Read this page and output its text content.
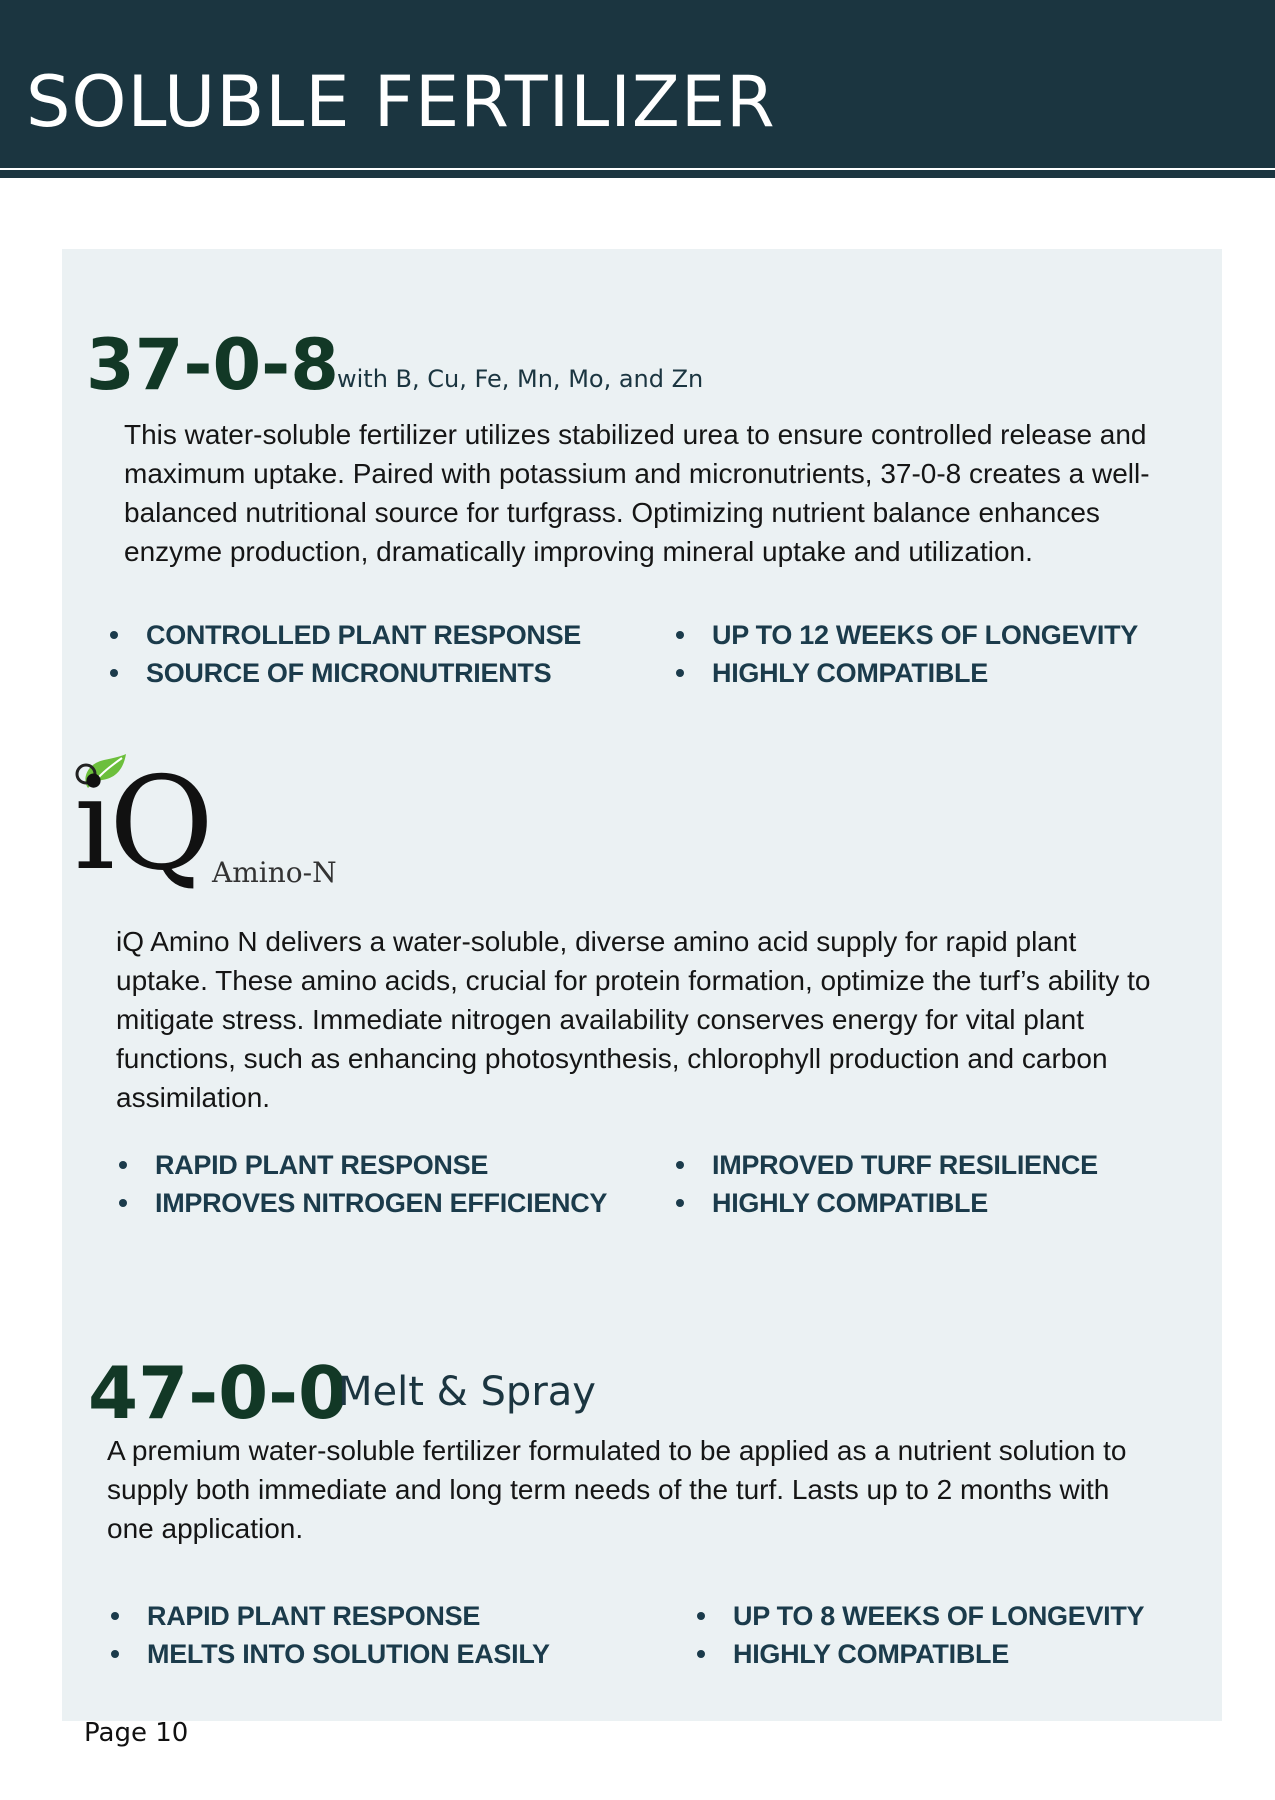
SOLUBLE FERTILIZER
37-0-8
with B, Cu, Fe, Mn, Mo, and Zn
This water-soluble fertilizer utilizes stabilized urea to ensure controlled release and maximum uptake. Paired with potassium and micronutrients, 37-0-8 creates a well-balanced nutritional source for turfgrass. Optimizing nutrient balance enhances enzyme production, dramatically improving mineral uptake and utilization.
CONTROLLED PLANT RESPONSE
SOURCE OF MICRONUTRIENTS
UP TO 12 WEEKS OF LONGEVITY
HIGHLY COMPATIBLE
iQ Amino-N
iQ Amino N delivers a water-soluble, diverse amino acid supply for rapid plant uptake. These amino acids, crucial for protein formation, optimize the turf’s ability to mitigate stress. Immediate nitrogen availability conserves energy for vital plant functions, such as enhancing photosynthesis, chlorophyll production and carbon assimilation.
RAPID PLANT RESPONSE
IMPROVES NITROGEN EFFICIENCY
IMPROVED TURF RESILIENCE
HIGHLY COMPATIBLE
47-0-0
Melt & Spray
A premium water-soluble fertilizer formulated to be applied as a nutrient solution to supply both immediate and long term needs of the turf. Lasts up to 2 months with one application.
RAPID PLANT RESPONSE
MELTS INTO SOLUTION EASILY
UP TO 8 WEEKS OF LONGEVITY
HIGHLY COMPATIBLE
Page 10
